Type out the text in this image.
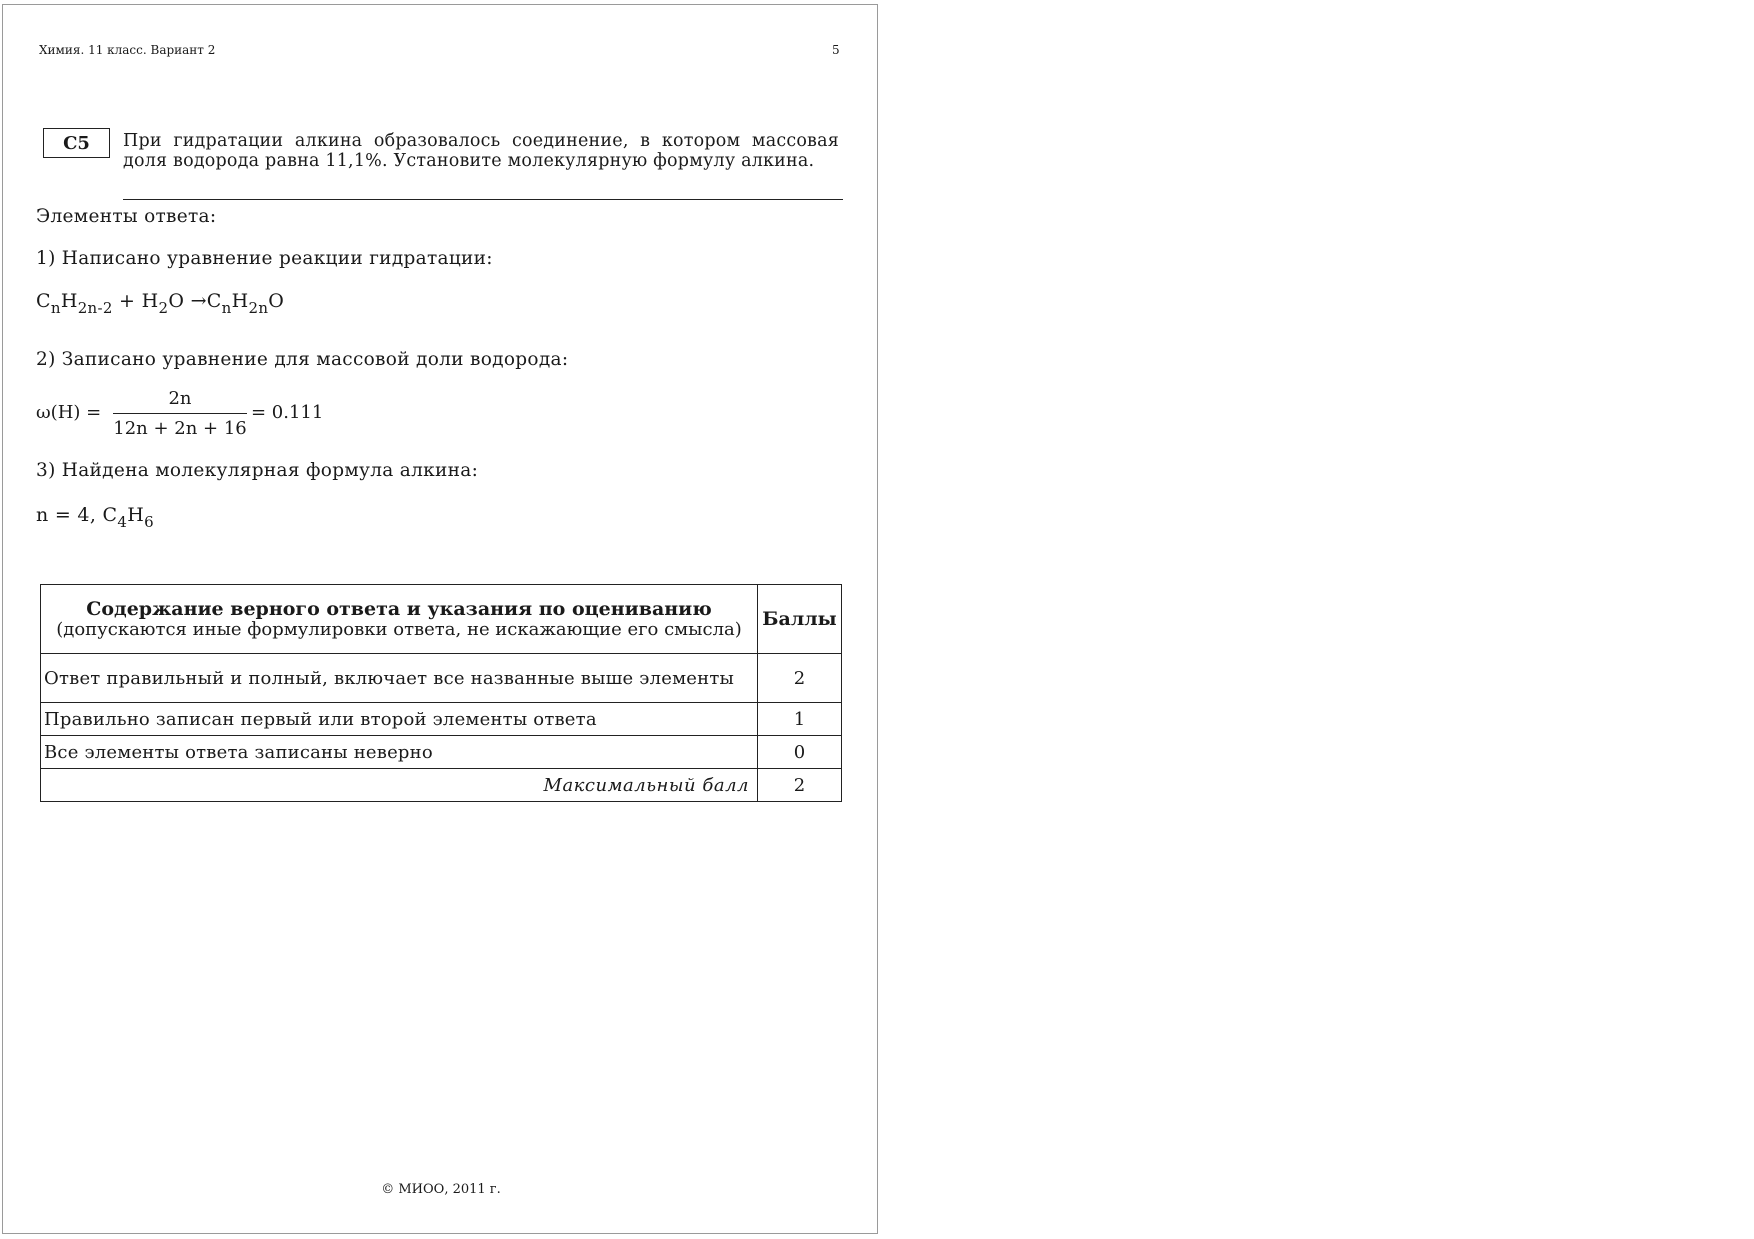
Химия. 11 класс. Вариант 2	5
С5	При гидратации алкина образовалось соединение, в котором массовая доля водорода равна 11,1%. Установите молекулярную формулу алкина.
Элементы ответа:
1) Написано уравнение реакции гидратации:
$C_nH_{2n-2} + H_2O \to C_nH_{2n}O$
2) Записано уравнение для массовой доли водорода:
ω(H) =
2n
12n + 2n + 16
= 0.111
3) Найдена молекулярная формула алкина:
n = 4, $C_4H_6$
Содержание верного ответа и указания по оцениванию
(допускаются иные формулировки ответа, не искажающие его смысла)	Баллы
Ответ правильный и полный, включает все названные выше элементы	2
Правильно записан первый или второй элементы ответа	1
Все элементы ответа записаны неверно	0
Максимальный балл	2
© МИОО, 2011 г.
